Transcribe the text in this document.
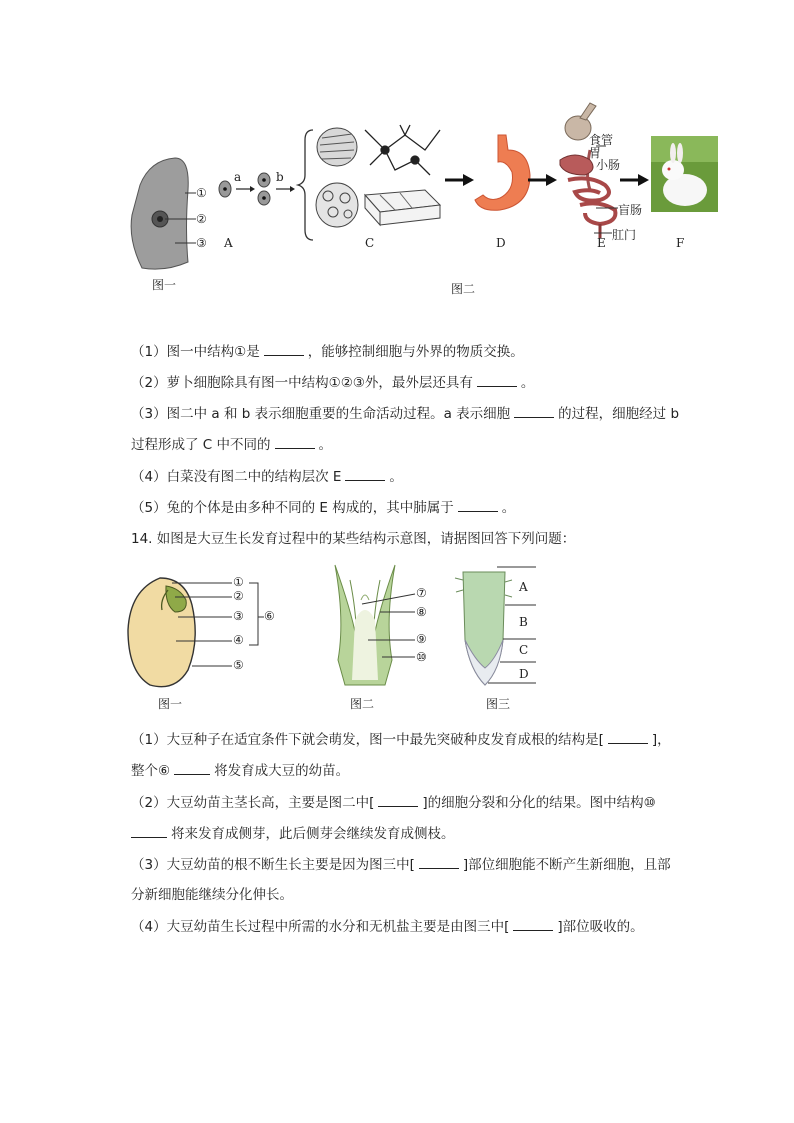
①
②
③ A
图一
a	b
C	D	E	F
食管
胃
小肠
盲肠
肛门
图二
（1）图一中结构①是	，能够控制细胞与外界的物质交换。
（2）萝卜细胞除具有图一中结构①②③外，最外层还具有	。
（3）图二中 a 和 b 表示细胞重要的生命活动过程。a 表示细胞	的过程，细胞经过 b
过程形成了 C 中不同的	。
（4）白菜没有图二中的结构层次 E	。
（5）兔的个体是由多种不同的 E 构成的，其中肺属于	。
14. 如图是大豆生长发育过程中的某些结构示意图，请据图回答下列问题：
①
②
③
④
⑤
⑥
图一
⑦
⑧
⑨
⑩
图二
A
B
C
D
图三
（1）大豆种子在适宜条件下就会萌发，图一中最先突破种皮发育成根的结构是[	]，
整个⑥	将发育成大豆的幼苗。
（2）大豆幼苗主茎长高，主要是图二中[	]的细胞分裂和分化的结果。图中结构⑩
将来发育成侧芽，此后侧芽会继续发育成侧枝。
（3）大豆幼苗的根不断生长主要是因为图三中[	]部位细胞能不断产生新细胞，且部
分新细胞能继续分化伸长。
（4）大豆幼苗生长过程中所需的水分和无机盐主要是由图三中[	]部位吸收的。
